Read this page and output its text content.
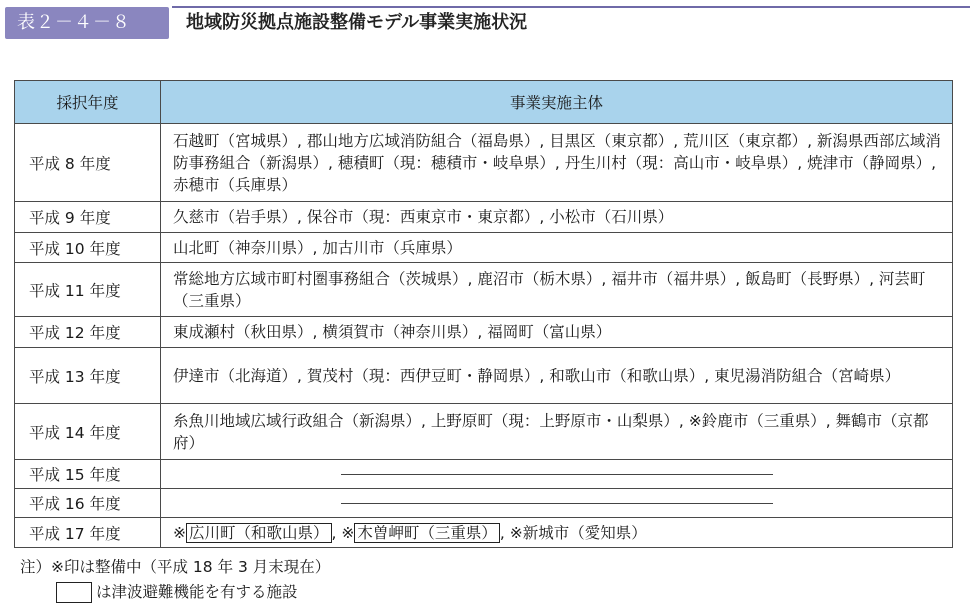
表２－４－８	地域防災拠点施設整備モデル事業実施状況
採択年度	事業実施主体
平成 8 年度	石越町（宮城県）, 郡山地方広域消防組合（福島県）, 目黒区（東京都）, 荒川区（東京都）, 新潟県西部広域消防事務組合（新潟県）, 穂積町（現：穂積市・岐阜県）, 丹生川村（現：高山市・岐阜県）, 焼津市（静岡県）, 赤穂市（兵庫県）
平成 9 年度	久慈市（岩手県）, 保谷市（現：西東京市・東京都）, 小松市（石川県）
平成 10 年度	山北町（神奈川県）, 加古川市（兵庫県）
平成 11 年度	常総地方広域市町村圏事務組合（茨城県）, 鹿沼市（栃木県）, 福井市（福井県）, 飯島町（長野県）, 河芸町（三重県）
平成 12 年度	東成瀬村（秋田県）, 横須賀市（神奈川県）, 福岡町（富山県）
平成 13 年度	伊達市（北海道）, 賀茂村（現：西伊豆町・静岡県）, 和歌山市（和歌山県）, 東児湯消防組合（宮崎県）
平成 14 年度	糸魚川地域広域行政組合（新潟県）, 上野原町（現：上野原市・山梨県）, ※鈴鹿市（三重県）, 舞鶴市（京都府）
平成 15 年度	

平成 16 年度	

平成 17 年度	※ 広川町（和歌山県） , ※ 木曽岬町（三重県） , ※新城市（愛知県）
注）※印は整備中（平成 18 年 3 月末現在）
は津波避難機能を有する施設
